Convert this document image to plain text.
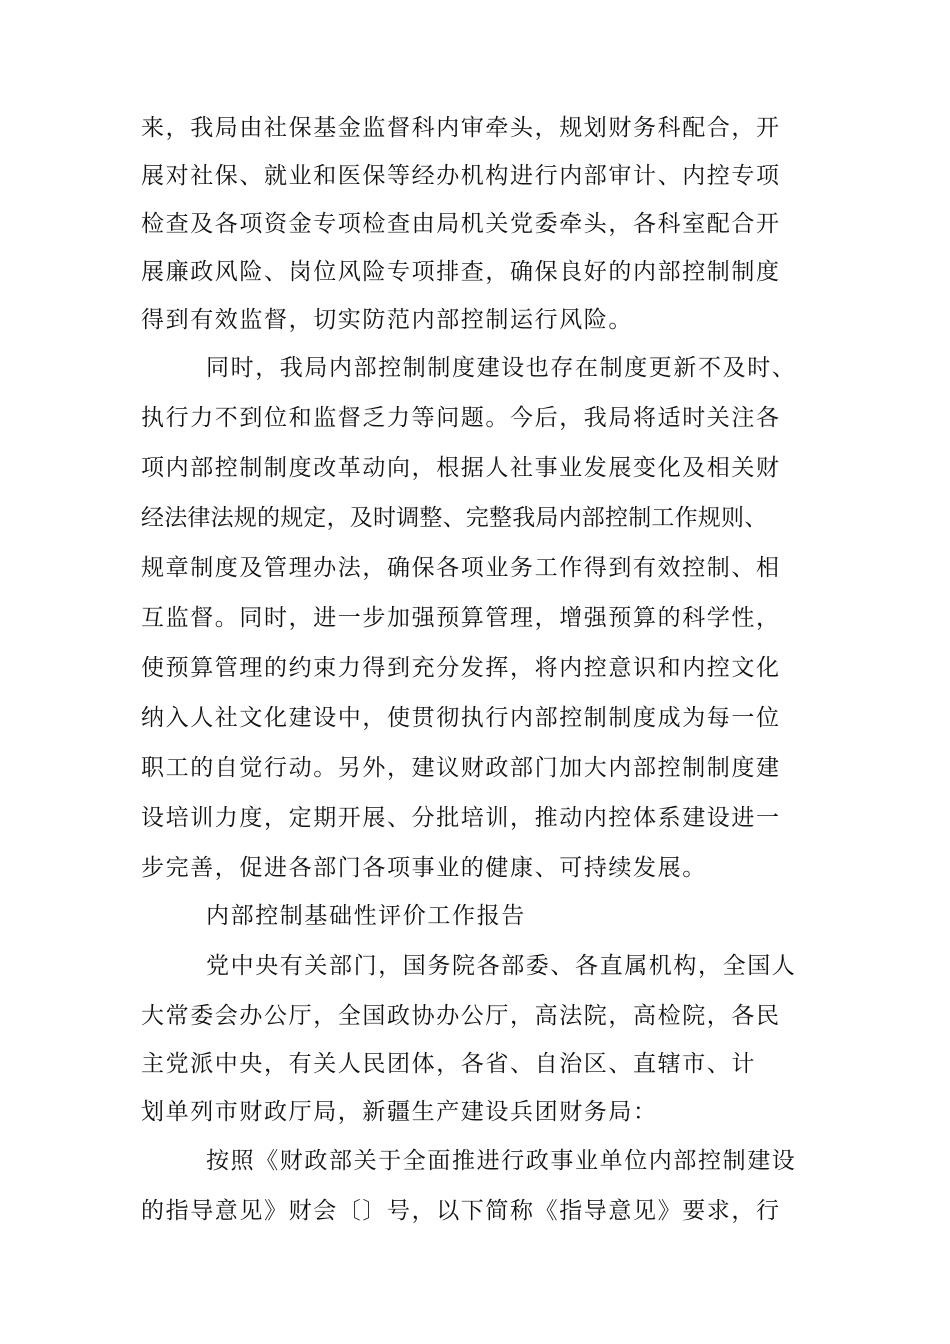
来，我局由社保基金监督科内审牵头，规划财务科配合，开
展对社保、就业和医保等经办机构进行内部审计、内控专项
检查及各项资金专项检查由局机关党委牵头，各科室配合开
展廉政风险、岗位风险专项排查，确保良好的内部控制制度
得到有效监督，切实防范内部控制运行风险。
同时，我局内部控制制度建设也存在制度更新不及时、
执行力不到位和监督乏力等问题。今后，我局将适时关注各
项内部控制制度改革动向，根据人社事业发展变化及相关财
经法律法规的规定，及时调整、完整我局内部控制工作规则、
规章制度及管理办法，确保各项业务工作得到有效控制、相
互监督。同时，进一步加强预算管理，增强预算的科学性，
使预算管理的约束力得到充分发挥，将内控意识和内控文化
纳入人社文化建设中，使贯彻执行内部控制制度成为每一位
职工的自觉行动。另外，建议财政部门加大内部控制制度建
设培训力度，定期开展、分批培训，推动内控体系建设进一
步完善，促进各部门各项事业的健康、可持续发展。
内部控制基础性评价工作报告
党中央有关部门，国务院各部委、各直属机构，全国人
大常委会办公厅，全国政协办公厅，高法院，高检院，各民
主党派中央，有关人民团体，各省、自治区、直辖市、计
划单列市财政厅局，新疆生产建设兵团财务局：
按照《财政部关于全面推进行政事业单位内部控制建设
的指导意见》财会〔〕号，以下简称《指导意见》要求，行
